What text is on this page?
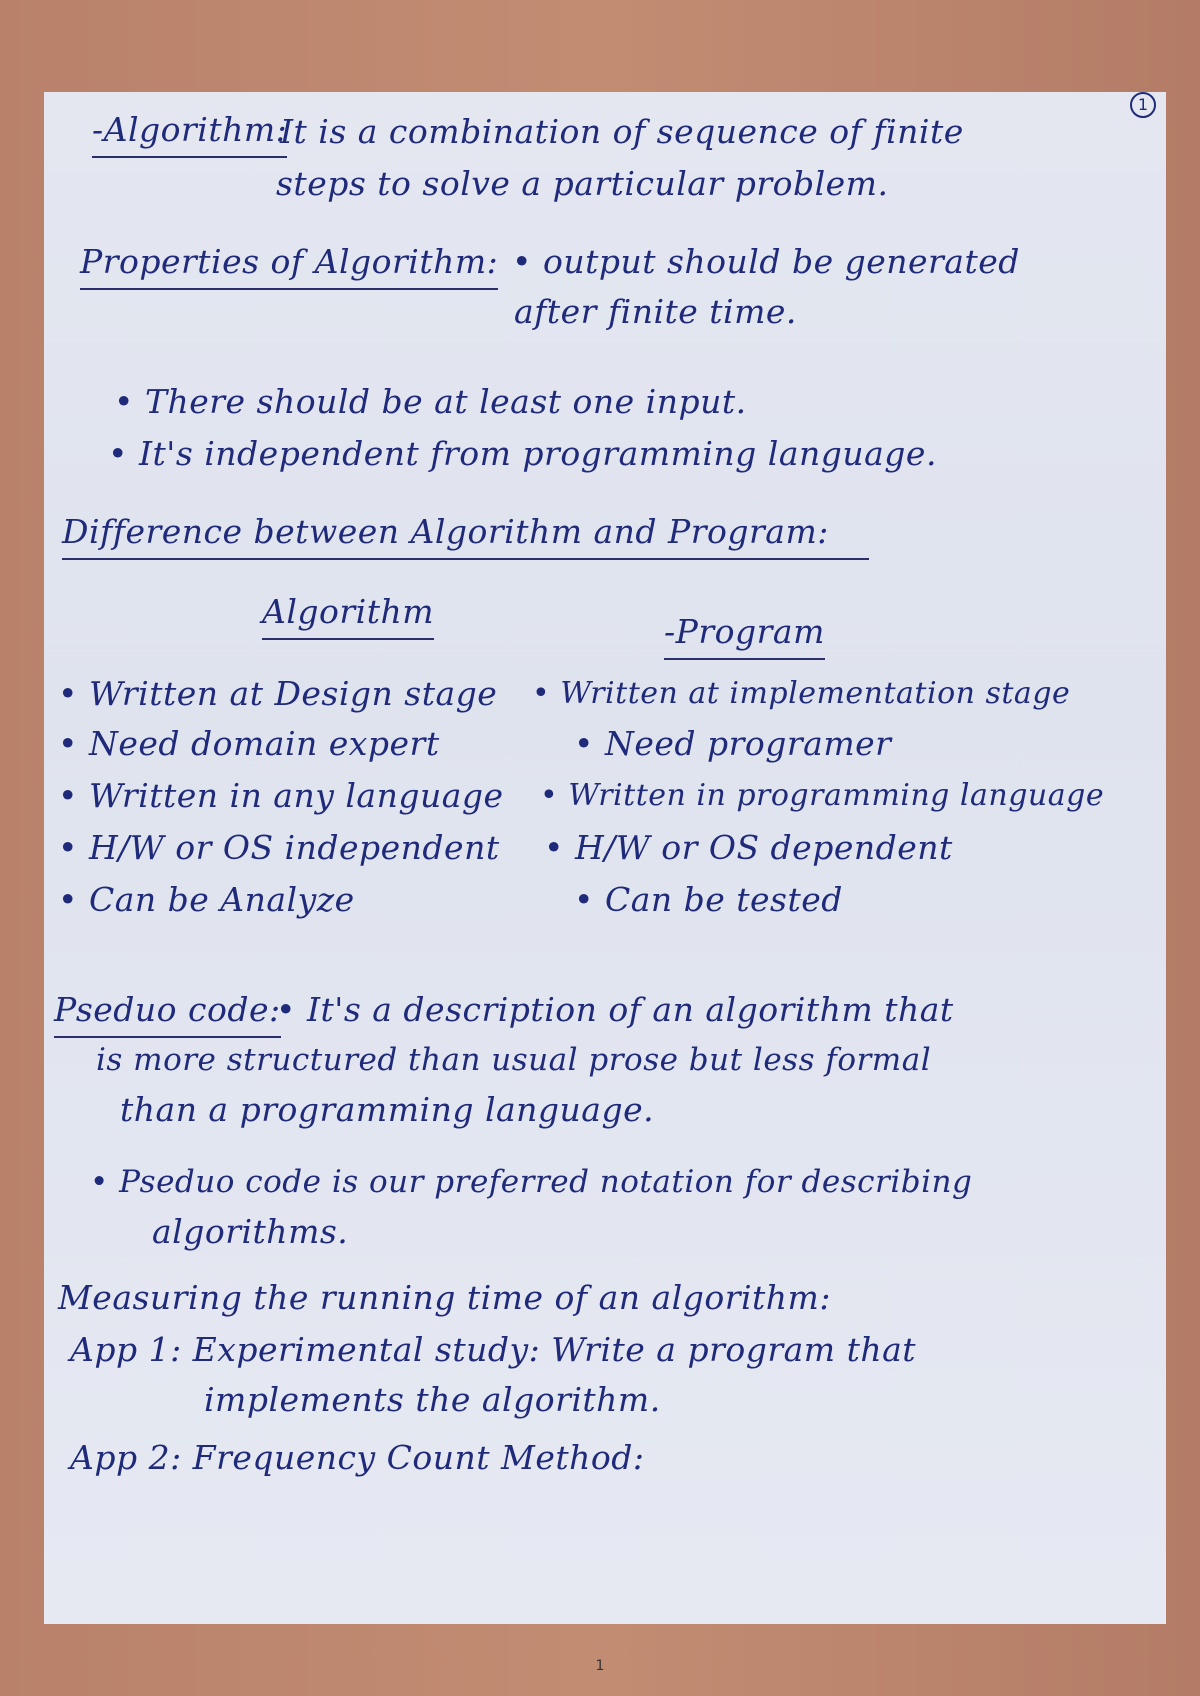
-Algorithm:
It is a combination of sequence of finite
steps to solve a particular problem.
Properties of Algorithm: • output should be generated
after finite time.
• There should be at least one input.
• It's independent from programming language.
Difference between Algorithm and Program:
Algorithm
-Program
• Written at Design stage
• Need domain expert
• Written in any language
• H/W or OS independent
• Can be Analyze
• Written at implementation stage
• Need programer
• Written in programming language
• H/W or OS dependent
• Can be tested
Pseduo code:
• It's a description of an algorithm that
is more structured than usual prose but less formal
than a programming language.
• Pseduo code is our preferred notation for describing
algorithms.
Measuring the running time of an algorithm:
App 1: Experimental study: Write a program that
implements the algorithm.
App 2: Frequency Count Method:
1
1
